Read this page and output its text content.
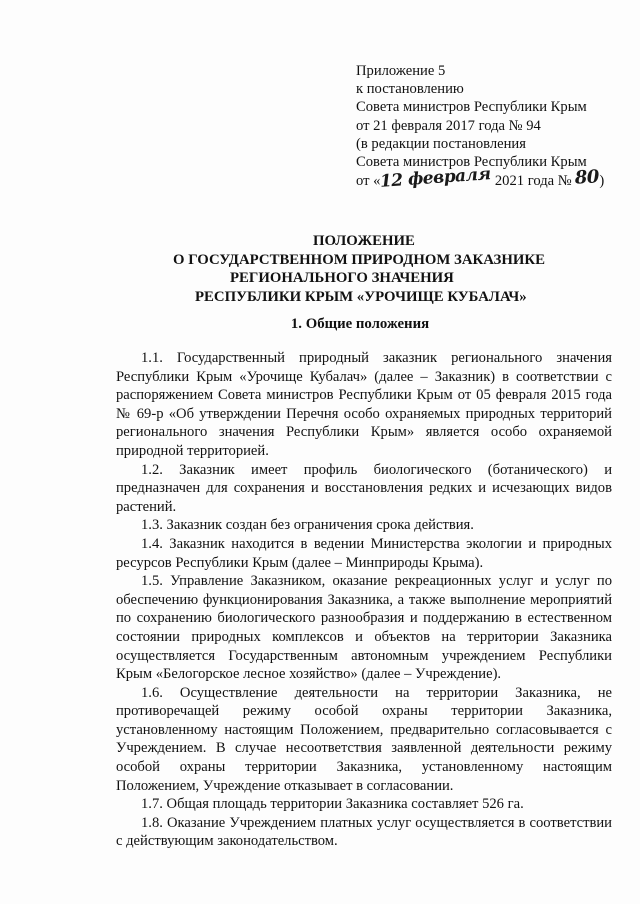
Приложение 5
к постановлению
Совета министров Республики Крым
от 21 февраля 2017 года № 94
(в редакции постановления
Совета министров Республики Крым
от «12 февраля 2021 года № 80)
ПОЛОЖЕНИЕ
О ГОСУДАРСТВЕННОМ ПРИРОДНОМ ЗАКАЗНИКЕ
РЕГИОНАЛЬНОГО ЗНАЧЕНИЯ
РЕСПУБЛИКИ КРЫМ «УРОЧИЩЕ КУБАЛАЧ»
1. Общие положения

1.1. Государственный природный заказник регионального значения Республики Крым «Урочище Кубалач» (далее – Заказник) в соответствии с распоряжением Совета министров Республики Крым от 05 февраля 2015 года № 69-р «Об утверждении Перечня особо охраняемых природных территорий регионального значения Республики Крым» является особо охраняемой природной территорией.

1.2. Заказник имеет профиль биологического (ботанического) и предназначен для сохранения и восстановления редких и исчезающих видов растений.

1.3. Заказник создан без ограничения срока действия.

1.4. Заказник находится в ведении Министерства экологии и природных ресурсов Республики Крым (далее – Минприроды Крыма).

1.5. Управление Заказником, оказание рекреационных услуг и услуг по обеспечению функционирования Заказника, а также выполнение мероприятий по сохранению биологического разнообразия и поддержанию в естественном состоянии природных комплексов и объектов на территории Заказника осуществляется Государственным автономным учреждением Республики Крым «Белогорское лесное хозяйство» (далее – Учреждение).

1.6. Осуществление деятельности на территории Заказника, не противоречащей режиму особой охраны территории Заказника, установленному настоящим Положением, предварительно согласовывается с Учреждением. В случае несоответствия заявленной деятельности режиму особой охраны территории Заказника, установленному настоящим Положением, Учреждение отказывает в согласовании.

1.7. Общая площадь территории Заказника составляет 526 га.

1.8. Оказание Учреждением платных услуг осуществляется в соответствии с действующим законодательством.
